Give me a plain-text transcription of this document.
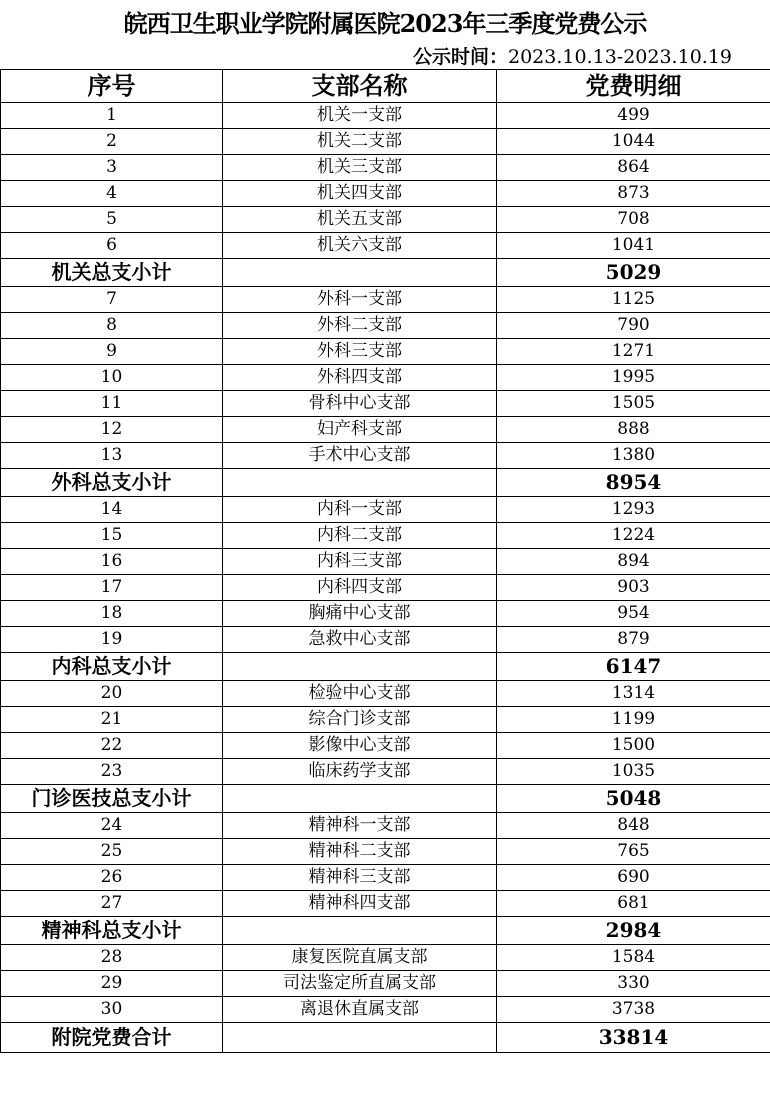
皖西卫生职业学院附属医院2023年三季度党费公示
公示时间：2023.10.13-2023.10.19
序号	支部名称	党费明细
1	机关一支部	499
2	机关二支部	1044
3	机关三支部	864
4	机关四支部	873
5	机关五支部	708
6	机关六支部	1041
机关总支小计		5029
7	外科一支部	1125
8	外科二支部	790
9	外科三支部	1271
10	外科四支部	1995
11	骨科中心支部	1505
12	妇产科支部	888
13	手术中心支部	1380
外科总支小计		8954
14	内科一支部	1293
15	内科二支部	1224
16	内科三支部	894
17	内科四支部	903
18	胸痛中心支部	954
19	急救中心支部	879
内科总支小计		6147
20	检验中心支部	1314
21	综合门诊支部	1199
22	影像中心支部	1500
23	临床药学支部	1035
门诊医技总支小计		5048
24	精神科一支部	848
25	精神科二支部	765
26	精神科三支部	690
27	精神科四支部	681
精神科总支小计		2984
28	康复医院直属支部	1584
29	司法鉴定所直属支部	330
30	离退休直属支部	3738
附院党费合计		33814
